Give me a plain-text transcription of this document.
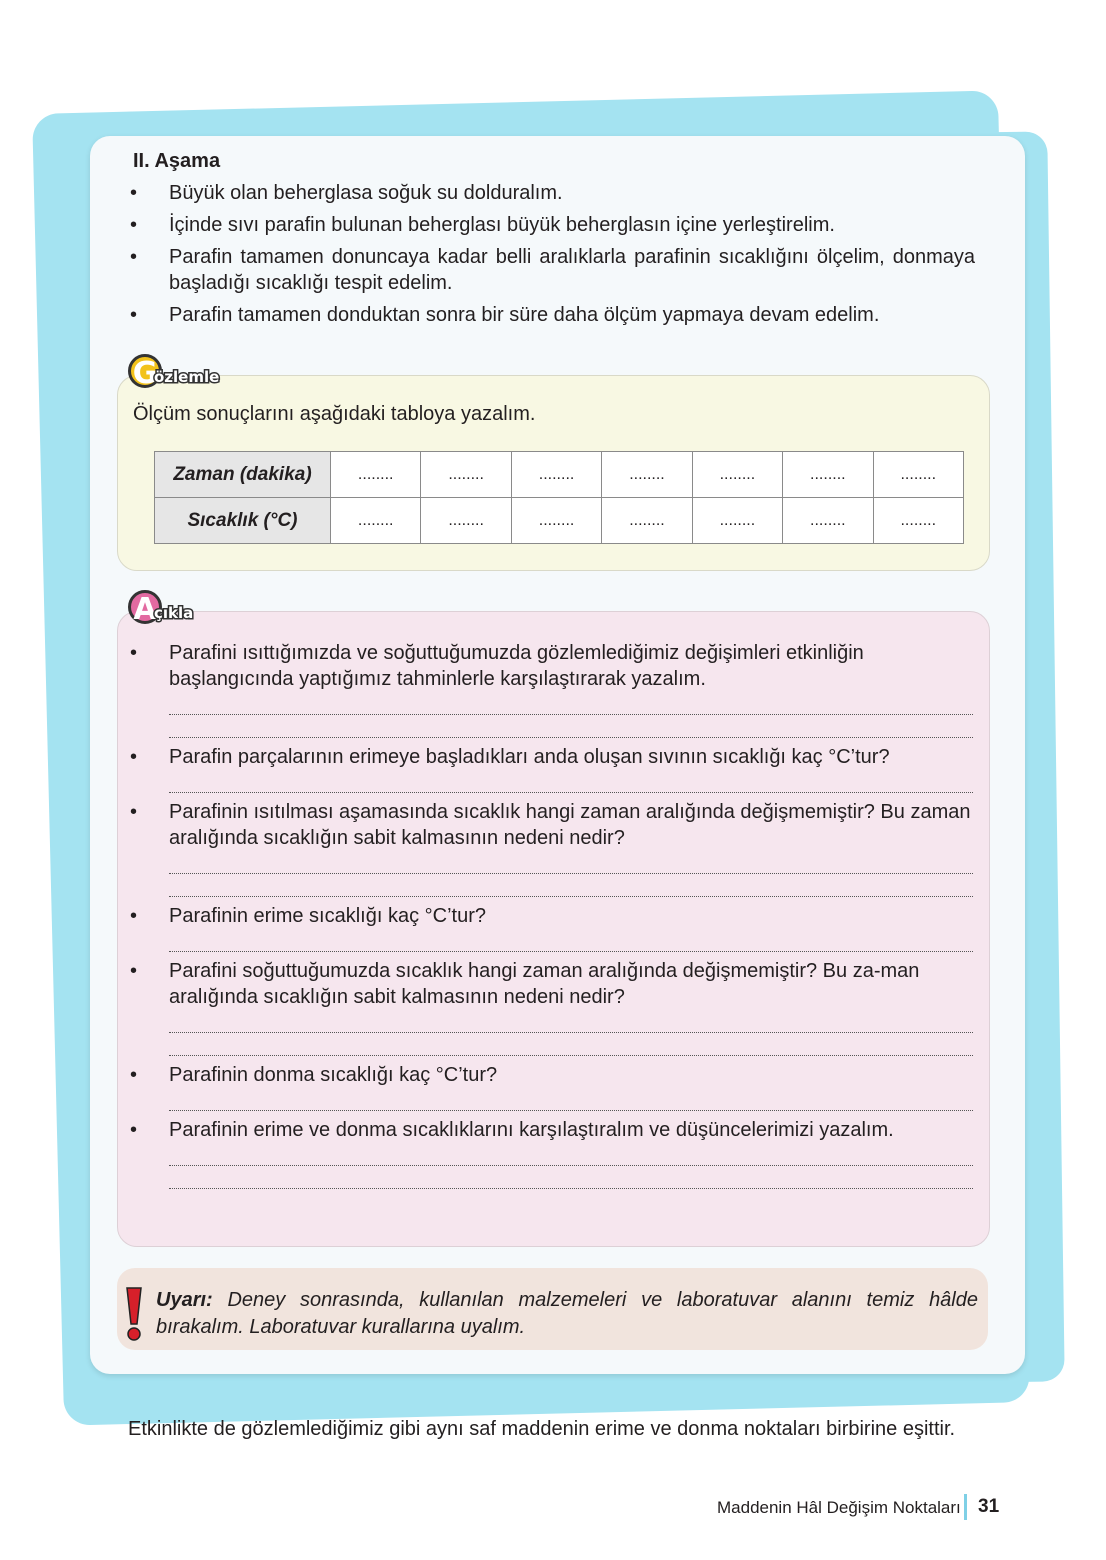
II. Aşama
• Büyük olan beherglasa soğuk su dolduralım.
• İçinde sıvı parafin bulunan beherglası büyük beherglasın içine yerleştirelim.
• Parafin tamamen donuncaya kadar belli aralıklarla parafinin sıcaklığını ölçelim, donmaya başladığı sıcaklığı tespit edelim.
• Parafin tamamen donduktan sonra bir süre daha ölçüm yapmaya devam edelim.
G
özlemle
Ölçüm sonuçlarını aşağıdaki tabloya yazalım.
Zaman (dakika)	........	........	........	........	........	........	........
Sıcaklık (°C)	........	........	........	........	........	........	........
A
çıkla
• Parafini ısıttığımızda ve soğuttuğumuzda gözlemlediğimiz değişimleri etkinliğin başlangıcında yaptığımız tahminlerle karşılaştırarak yazalım.
• Parafin parçalarının erimeye başladıkları anda oluşan sıvının sıcaklığı kaç °C’tur?
• Parafinin ısıtılması aşamasında sıcaklık hangi zaman aralığında değişmemiştir? Bu zaman aralığında sıcaklığın sabit kalmasının nedeni nedir?
• Parafinin erime sıcaklığı kaç °C’tur?
• Parafini soğuttuğumuzda sıcaklık hangi zaman aralığında değişmemiştir? Bu za-man aralığında sıcaklığın sabit kalmasının nedeni nedir?
• Parafinin donma sıcaklığı kaç °C’tur?
• Parafinin erime ve donma sıcaklıklarını karşılaştıralım ve düşüncelerimizi yazalım.
Uyarı: Deney sonrasında, kullanılan malzemeleri ve laboratuvar alanını temiz hâlde bırakalım. Laboratuvar kurallarına uyalım.
Etkinlikte de gözlemlediğimiz gibi aynı saf maddenin erime ve donma noktaları birbirine eşittir.
Maddenin Hâl Değişim Noktaları 31
